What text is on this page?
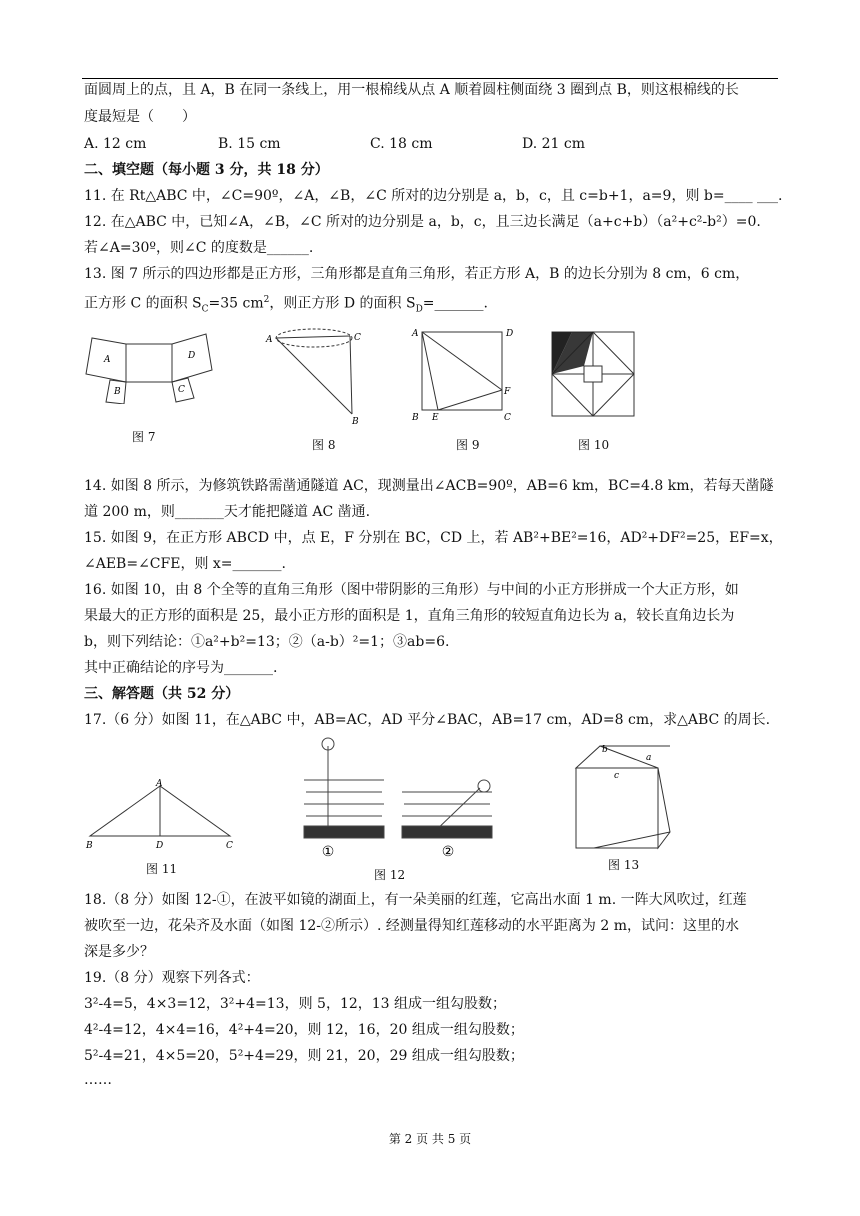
面圆周上的点，且 A，B 在同一条线上，用一根棉线从点 A 顺着圆柱侧面绕 3 圈到点 B，则这根棉线的长
度最短是（　　）
A. 12 cm	B. 15 cm	C. 18 cm	D. 21 cm
二、填空题（每小题 3 分，共 18 分）
11. 在 Rt△ABC 中，∠C=90º，∠A，∠B，∠C 所对的边分别是 a，b，c，且 c=b+1，a=9，则 b=____ ___.
12. 在△ABC 中，已知∠A，∠B，∠C 所对的边分别是 a，b，c，且三边长满足（a+c+b）（a²+c²-b²）=0.
若∠A=30º，则∠C 的度数是______.
13. 图 7 所示的四边形都是正方形，三角形都是直角三角形，若正方形 A，B 的边长分别为 8 cm，6 cm，
正方形 C 的面积 $S_C=35$ $cm^2$，则正方形 D 的面积 $S_D=\_\_\_\_\_\_\_$.
A	D
B	C
图 7
A	C
B
图 8
A	D
F
B E	C
图 9	图 10
14. 如图 8 所示，为修筑铁路需凿通隧道 AC，现测量出∠ACB=90º，AB=6 km，BC=4.8 km，若每天凿隧
道 200 m，则_______天才能把隧道 AC 凿通.
15. 如图 9，在正方形 ABCD 中，点 E，F 分别在 BC，CD 上，若 AB²+BE²=16，AD²+DF²=25，EF=x，
∠AEB=∠CFE，则 x=_______.
16. 如图 10，由 8 个全等的直角三角形（图中带阴影的三角形）与中间的小正方形拼成一个大正方形，如
果最大的正方形的面积是 25，最小正方形的面积是 1，直角三角形的较短直角边长为 a，较长直角边长为
b，则下列结论：①a²+b²=13；②（a-b）²=1；③ab=6.
其中正确结论的序号为_______.
三、解答题（共 52 分）
17.（6 分）如图 11，在△ABC 中，AB=AC，AD 平分∠BAC，AB=17 cm，AD=8 cm，求△ABC 的周长.
A
B	D	C
图 11
①	②
图 12
b
a
c
图 13
18.（8 分）如图 12-①，在波平如镜的湖面上，有一朵美丽的红莲，它高出水面 1 m. 一阵大风吹过，红莲
被吹至一边，花朵齐及水面（如图 12-②所示）. 经测量得知红莲移动的水平距离为 2 m，试问：这里的水
深是多少？
19.（8 分）观察下列各式：
3²-4=5，4×3=12，3²+4=13，则 5，12，13 组成一组勾股数；
4²-4=12，4×4=16，4²+4=20，则 12，16，20 组成一组勾股数；
5²-4=21，4×5=20，5²+4=29，则 21，20，29 组成一组勾股数；
……
第 2 页 共 5 页
